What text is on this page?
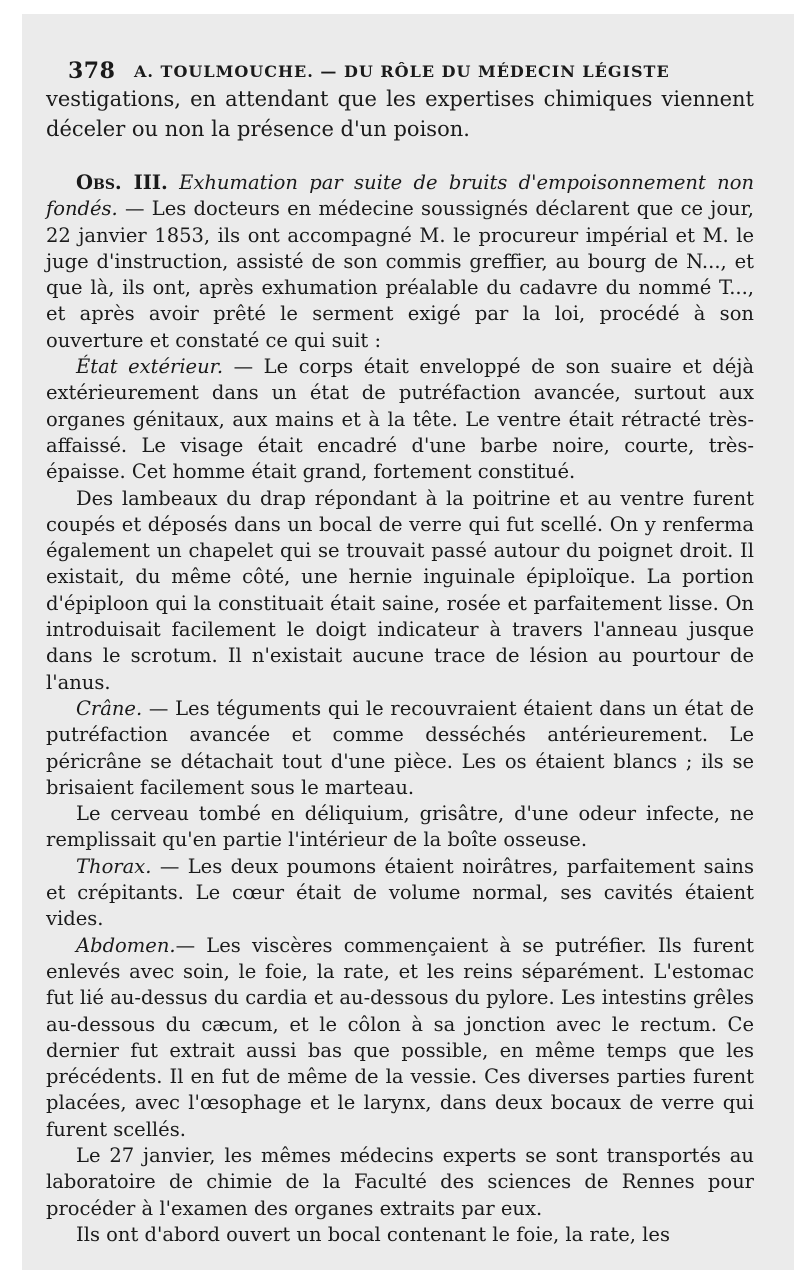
378 A. TOULMOUCHE. — DU RÔLE DU MÉDECIN LÉGISTE

vestigations, en attendant que les expertises chimiques viennent déceler ou non la présence d'un poison.

Obs. III. Exhumation par suite de bruits d'empoisonnement non fondés. — Les docteurs en médecine soussignés déclarent que ce jour, 22 janvier 1853, ils ont accompagné M. le procureur impérial et M. le juge d'instruction, assisté de son commis greffier, au bourg de N..., et que là, ils ont, après exhumation préalable du cadavre du nommé T..., et après avoir prêté le serment exigé par la loi, procédé à son ouverture et constaté ce qui suit :

État extérieur. — Le corps était enveloppé de son suaire et déjà extérieurement dans un état de putréfaction avancée, surtout aux organes génitaux, aux mains et à la tête. Le ventre était rétracté très-affaissé. Le visage était encadré d'une barbe noire, courte, très-épaisse. Cet homme était grand, fortement constitué.

Des lambeaux du drap répondant à la poitrine et au ventre furent coupés et déposés dans un bocal de verre qui fut scellé. On y renferma également un chapelet qui se trouvait passé autour du poignet droit. Il existait, du même côté, une hernie inguinale épiploïque. La portion d'épiploon qui la constituait était saine, rosée et parfaitement lisse. On introduisait facilement le doigt indicateur à travers l'anneau jusque dans le scrotum. Il n'existait aucune trace de lésion au pourtour de l'anus.

Crâne. — Les téguments qui le recouvraient étaient dans un état de putréfaction avancée et comme desséchés antérieurement. Le péricrâne se détachait tout d'une pièce. Les os étaient blancs ; ils se brisaient facilement sous le marteau.

Le cerveau tombé en déliquium, grisâtre, d'une odeur infecte, ne remplissait qu'en partie l'intérieur de la boîte osseuse.

Thorax. — Les deux poumons étaient noirâtres, parfaitement sains et crépitants. Le cœur était de volume normal, ses cavités étaient vides.

Abdomen.— Les viscères commençaient à se putréfier. Ils furent enlevés avec soin, le foie, la rate, et les reins séparément. L'estomac fut lié au-dessus du cardia et au-dessous du pylore. Les intestins grêles au-dessous du cæcum, et le côlon à sa jonction avec le rectum. Ce dernier fut extrait aussi bas que possible, en même temps que les précédents. Il en fut de même de la vessie. Ces diverses parties furent placées, avec l'œsophage et le larynx, dans deux bocaux de verre qui furent scellés.

Le 27 janvier, les mêmes médecins experts se sont transportés au laboratoire de chimie de la Faculté des sciences de Rennes pour procéder à l'examen des organes extraits par eux.

Ils ont d'abord ouvert un bocal contenant le foie, la rate, les
